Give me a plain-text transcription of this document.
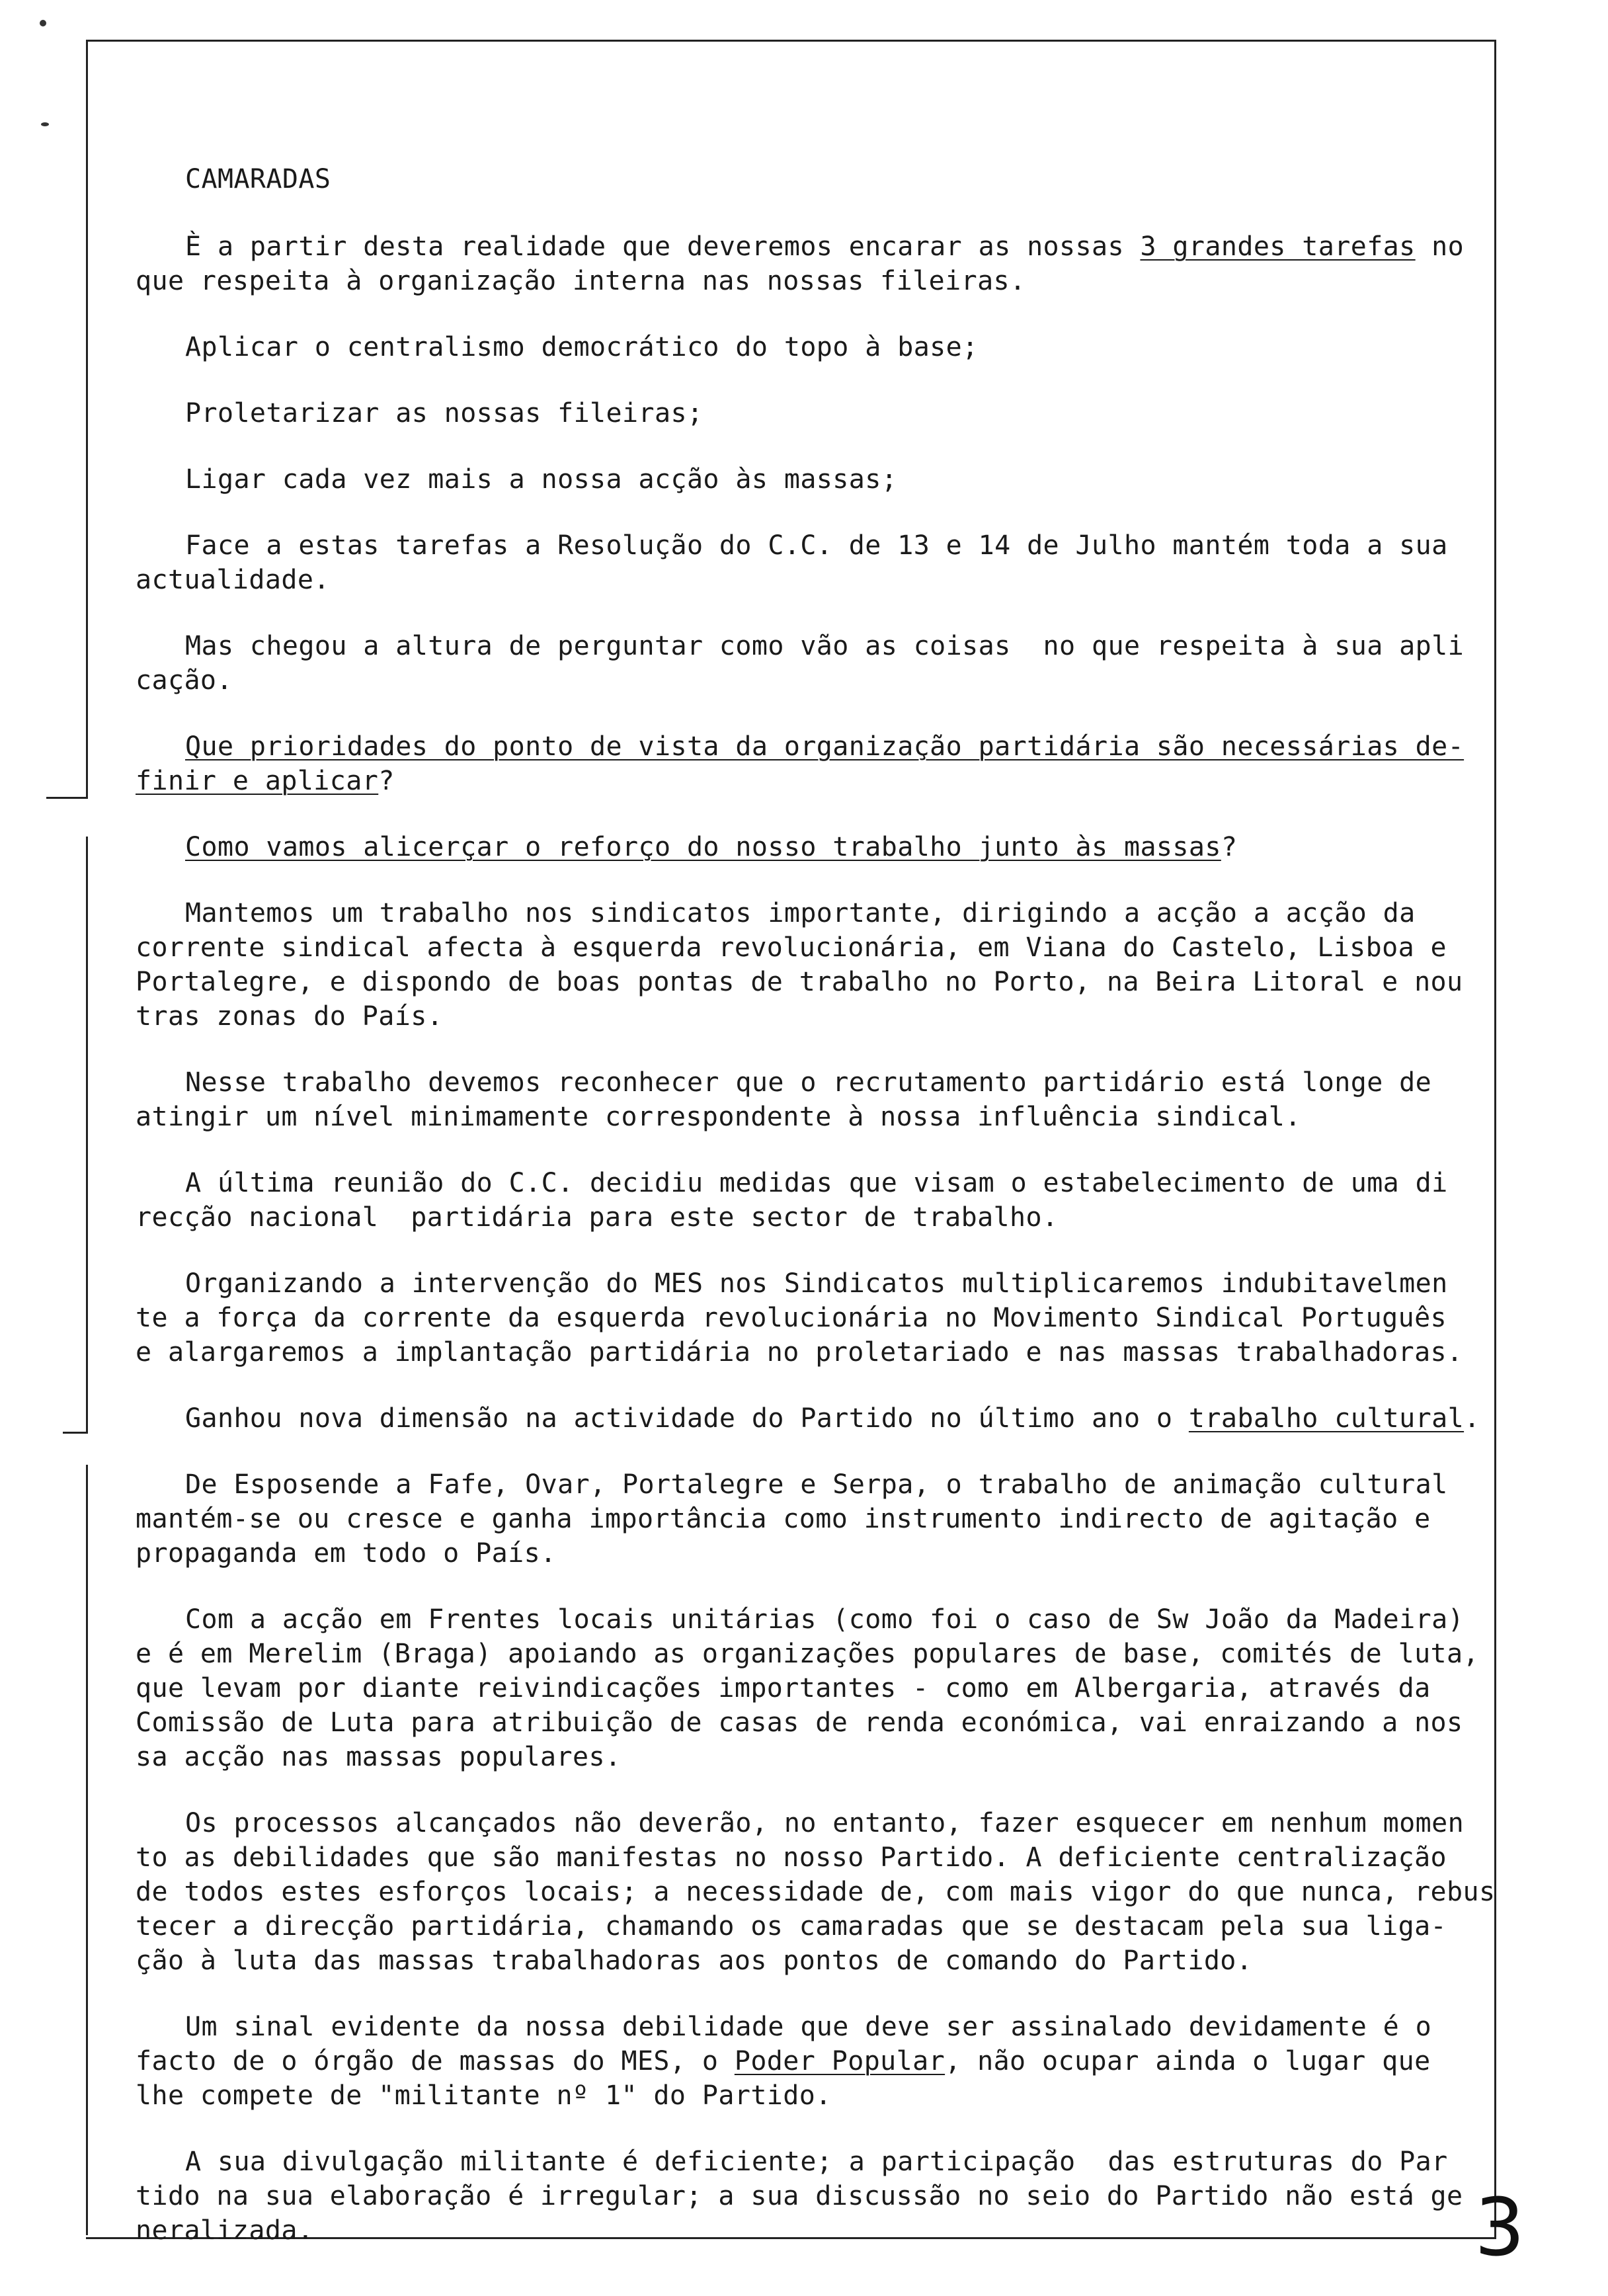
CAMARADAS
È a partir desta realidade que deveremos encarar as nossas 3 grandes tarefas no
que respeita à organização interna nas nossas fileiras.
Aplicar o centralismo democrático do topo à base;
Proletarizar as nossas fileiras;
Ligar cada vez mais a nossa acção às massas;
Face a estas tarefas a Resolução do C.C. de 13 e 14 de Julho mantém toda a sua
actualidade.
Mas chegou a altura de perguntar como vão as coisas  no que respeita à sua apli
cação.
Que prioridades do ponto de vista da organização partidária são necessárias de-
finir e aplicar?
Como vamos alicerçar o reforço do nosso trabalho junto às massas?
Mantemos um trabalho nos sindicatos importante, dirigindo a acção a acção da
corrente sindical afecta à esquerda revolucionária, em Viana do Castelo, Lisboa e
Portalegre, e dispondo de boas pontas de trabalho no Porto, na Beira Litoral e nou
tras zonas do País.
Nesse trabalho devemos reconhecer que o recrutamento partidário está longe de
atingir um nível minimamente correspondente à nossa influência sindical.
A última reunião do C.C. decidiu medidas que visam o estabelecimento de uma di
recção nacional  partidária para este sector de trabalho.
Organizando a intervenção do MES nos Sindicatos multiplicaremos indubitavelmen
te a força da corrente da esquerda revolucionária no Movimento Sindical Português
e alargaremos a implantação partidária no proletariado e nas massas trabalhadoras.
Ganhou nova dimensão na actividade do Partido no último ano o trabalho cultural.
De Esposende a Fafe, Ovar, Portalegre e Serpa, o trabalho de animação cultural
mantém-se ou cresce e ganha importância como instrumento indirecto de agitação e
propaganda em todo o País.
Com a acção em Frentes locais unitárias (como foi o caso de Sw João da Madeira)
e é em Merelim (Braga) apoiando as organizações populares de base, comités de luta,
que levam por diante reivindicações importantes - como em Albergaria, através da
Comissão de Luta para atribuição de casas de renda económica, vai enraizando a nos
sa acção nas massas populares.
Os processos alcançados não deverão, no entanto, fazer esquecer em nenhum momen
to as debilidades que são manifestas no nosso Partido. A deficiente centralização
de todos estes esforços locais; a necessidade de, com mais vigor do que nunca, rebus
tecer a direcção partidária, chamando os camaradas que se destacam pela sua liga-
ção à luta das massas trabalhadoras aos pontos de comando do Partido.
Um sinal evidente da nossa debilidade que deve ser assinalado devidamente é o
facto de o órgão de massas do MES, o Poder Popular, não ocupar ainda o lugar que
lhe compete de "militante nº 1" do Partido.
A sua divulgação militante é deficiente; a participação  das estruturas do Par
tido na sua elaboração é irregular; a sua discussão no seio do Partido não está ge
neralizada.	3
